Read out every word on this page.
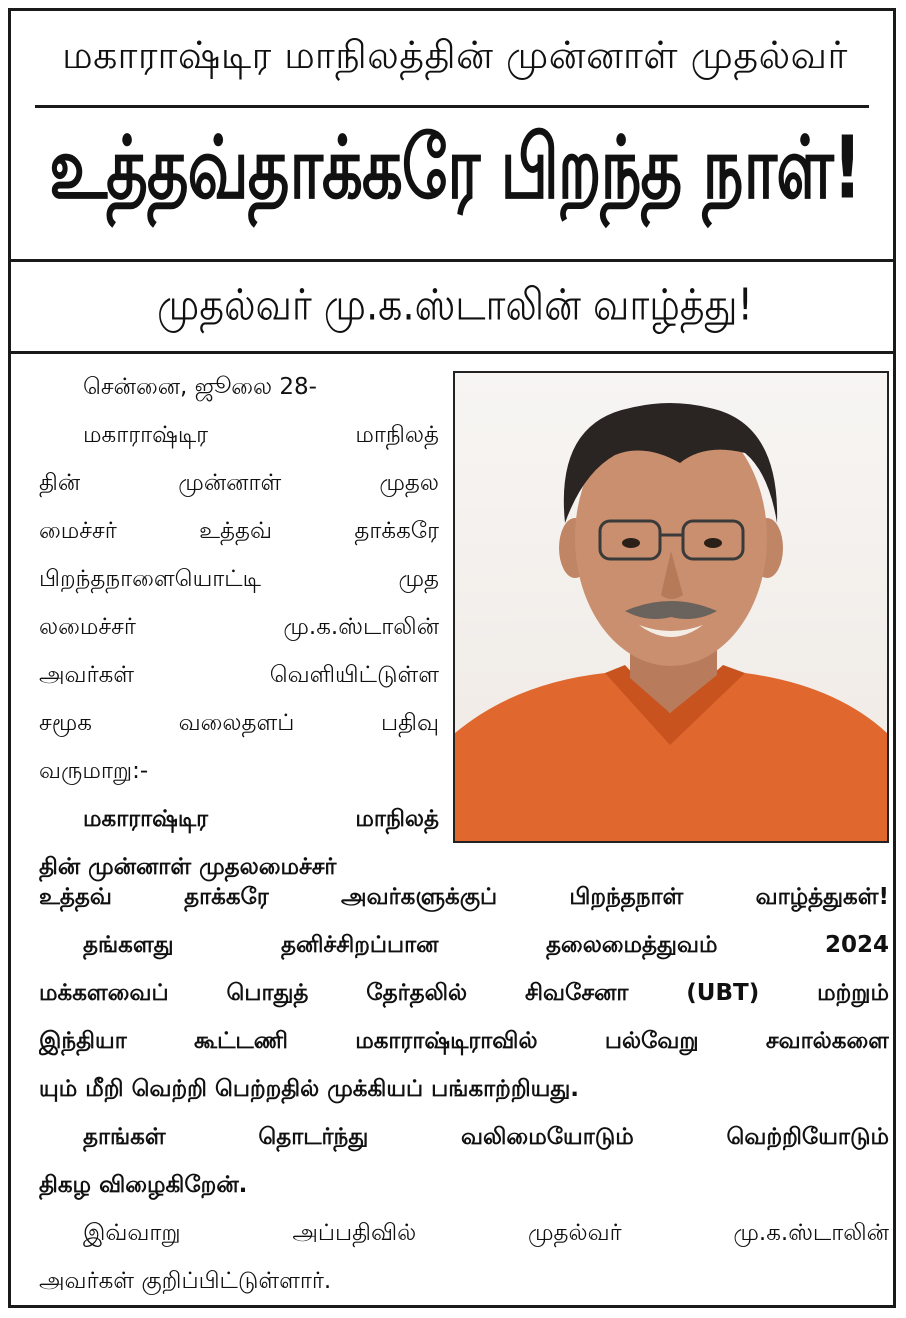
மகாராஷ்டிர மாநிலத்தின் முன்னாள் முதல்வர்
உத்தவ்தாக்கரே பிறந்த நாள்!
முதல்வர் மு.க.ஸ்டாலின் வாழ்த்து!
சென்னை, ஜூலை 28-
மகாராஷ்டிர மாநிலத்
தின் முன்னாள் முதல
மைச்சர் உத்தவ் தாக்கரே
பிறந்தநாளையொட்டி முத
லமைச்சர் மு.க.ஸ்டாலின்
அவர்கள் வெளியிட்டுள்ள
சமூக வலைதளப் பதிவு
வருமாறு:-
மகாராஷ்டிர மாநிலத்
தின் முன்னாள் முதலமைச்சர்
உத்தவ் தாக்கரே அவர்களுக்குப் பிறந்தநாள் வாழ்த்துகள்!
தங்களது தனிச்சிறப்பான தலைமைத்துவம் 2024
மக்களவைப் பொதுத் தேர்தலில் சிவசேனா (UBT) மற்றும்
இந்தியா கூட்டணி மகாராஷ்டிராவில் பல்வேறு சவால்களை
யும் மீறி வெற்றி பெற்றதில் முக்கியப் பங்காற்றியது.
தாங்கள் தொடர்ந்து வலிமையோடும் வெற்றியோடும்
திகழ விழைகிறேன்.
இவ்வாறு அப்பதிவில் முதல்வர் மு.க.ஸ்டாலின்
அவர்கள் குறிப்பிட்டுள்ளார்.
